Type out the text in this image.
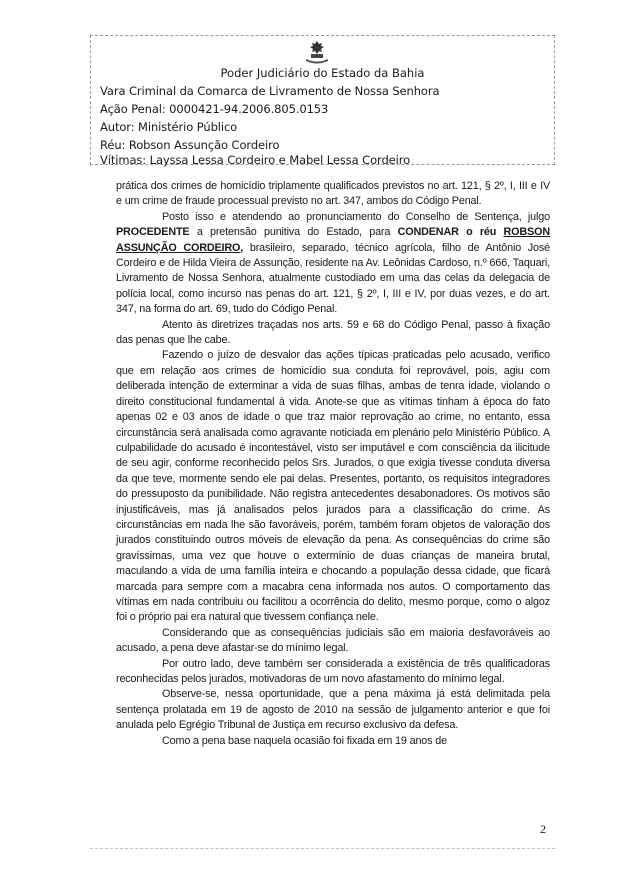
Poder Judiciário do Estado da Bahia
Vara Criminal da Comarca de Livramento de Nossa Senhora
Ação Penal: 0000421-94.2006.805.0153
Autor: Ministério Público
Réu: Robson Assunção Cordeiro
Vítimas: Layssa Lessa Cordeiro e Mabel Lessa Cordeiro

prática dos crimes de homicídio triplamente qualificados previstos no art. 121, § 2º, I, III e IV e um crime de fraude processual previsto no art. 347, ambos do Código Penal.

Posto isso e atendendo ao pronunciamento do Conselho de Sentença, julgo PROCEDENTE a pretensão punitiva do Estado, para CONDENAR o réu ROBSON ASSUNÇÃO CORDEIRO, brasileiro, separado, técnico agrícola, filho de Antônio José Cordeiro e de Hilda Vieira de Assunção, residente na Av. Leônidas Cardoso, n.º 666, Taquari, Livramento de Nossa Senhora, atualmente custodiado em uma das celas da delegacia de polícia local, como incurso nas penas do art. 121, § 2º, I, III e IV, por duas vezes, e do art. 347, na forma do art. 69, tudo do Código Penal.

Atento às diretrizes traçadas nos arts. 59 e 68 do Código Penal, passo à fixação das penas que lhe cabe.

Fazendo o juízo de desvalor das ações típicas praticadas pelo acusado, verifico que em relação aos crimes de homicídio sua conduta foi reprovável, pois, agiu com deliberada intenção de exterminar a vida de suas filhas, ambas de tenra idade, violando o direito constitucional fundamental à vida. Anote-se que as vítimas tinham à época do fato apenas 02 e 03 anos de idade o que traz maior reprovação ao crime, no entanto, essa circunstância será analisada como agravante noticiada em plenário pelo Ministério Público. A culpabilidade do acusado é incontestável, visto ser imputável e com consciência da ilicitude de seu agir, conforme reconhecido pelos Srs. Jurados, o que exigia tivesse conduta diversa da que teve, mormente sendo ele pai delas. Presentes, portanto, os requisitos integradores do pressuposto da punibilidade. Não registra antecedentes desabonadores. Os motivos são injustificáveis, mas já analisados pelos jurados para a classificação do crime. As circunstâncias em nada lhe são favoráveis, porém, também foram objetos de valoração dos jurados constituindo outros móveis de elevação da pena. As consequências do crime são gravíssimas, uma vez que houve o extermínio de duas crianças de maneira brutal, maculando a vida de uma família inteira e chocando a população dessa cidade, que ficará marcada para sempre com a macabra cena informada nos autos. O comportamento das vítimas em nada contribuiu ou facilitou a ocorrência do delito, mesmo porque, como o algoz foi o próprio pai era natural que tivessem confiança nele.

Considerando que as consequências judiciais são em maioria desfavoráveis ao acusado, a pena deve afastar-se do mínimo legal.

Por outro lado, deve também ser considerada a existência de três qualificadoras reconhecidas pelos jurados, motivadoras de um novo afastamento do mínimo legal.

Observe-se, nessa oportunidade, que a pena máxima já está delimitada pela sentença prolatada em 19 de agosto de 2010 na sessão de julgamento anterior e que foi anulada pelo Egrégio Tribunal de Justiça em recurso exclusivo da defesa.

Como a pena base naquela ocasião foi fixada em 19 anos de

2
